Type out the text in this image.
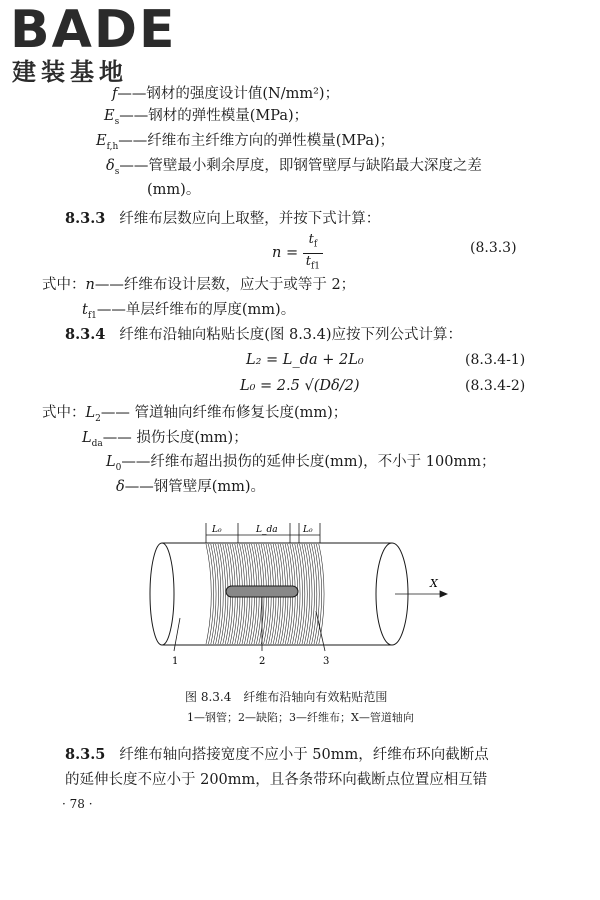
BADE
建装基地
f——钢材的强度设计值(N/mm²)；
$E_s——$钢材的弹性模量(MPa)；
$E_{f,h}——$纤维布主纤维方向的弹性模量(MPa)；
$\delta_s——$管壁最小剩余厚度，即钢管壁厚与缺陷最大深度之差
(mm)。
8.3.3 纤维布层数应向上取整，并按下式计算：
$n = \frac{t_f}{t_{f1}}$	(8.3.3)
式中：n——纤维布设计层数，应大于或等于 2；
$t_{f1}——$单层纤维布的厚度(mm)。
8.3.4 纤维布沿轴向粘贴长度(图 8.3.4)应按下列公式计算：
L₂ = L_da + 2L₀	(8.3.4-1)
L₀ = 2.5 √(Dδ/2)	(8.3.4-2)
式中：$L_2——$ 管道轴向纤维布修复长度(mm)；
$L_{da}——$ 损伤长度(mm)；
$L_0——$纤维布超出损伤的延伸长度(mm)，不小于 100mm；
δ——钢管壁厚(mm)。
L₀	L_da	L₀
X
1	2	3
图 8.3.4　纤维布沿轴向有效粘贴范围
1—钢管；2—缺陷；3—纤维布；X—管道轴向
8.3.5 纤维布轴向搭接宽度不应小于 50mm，纤维布环向截断点
的延伸长度不应小于 200mm，且各条带环向截断点位置应相互错
· 78 ·
